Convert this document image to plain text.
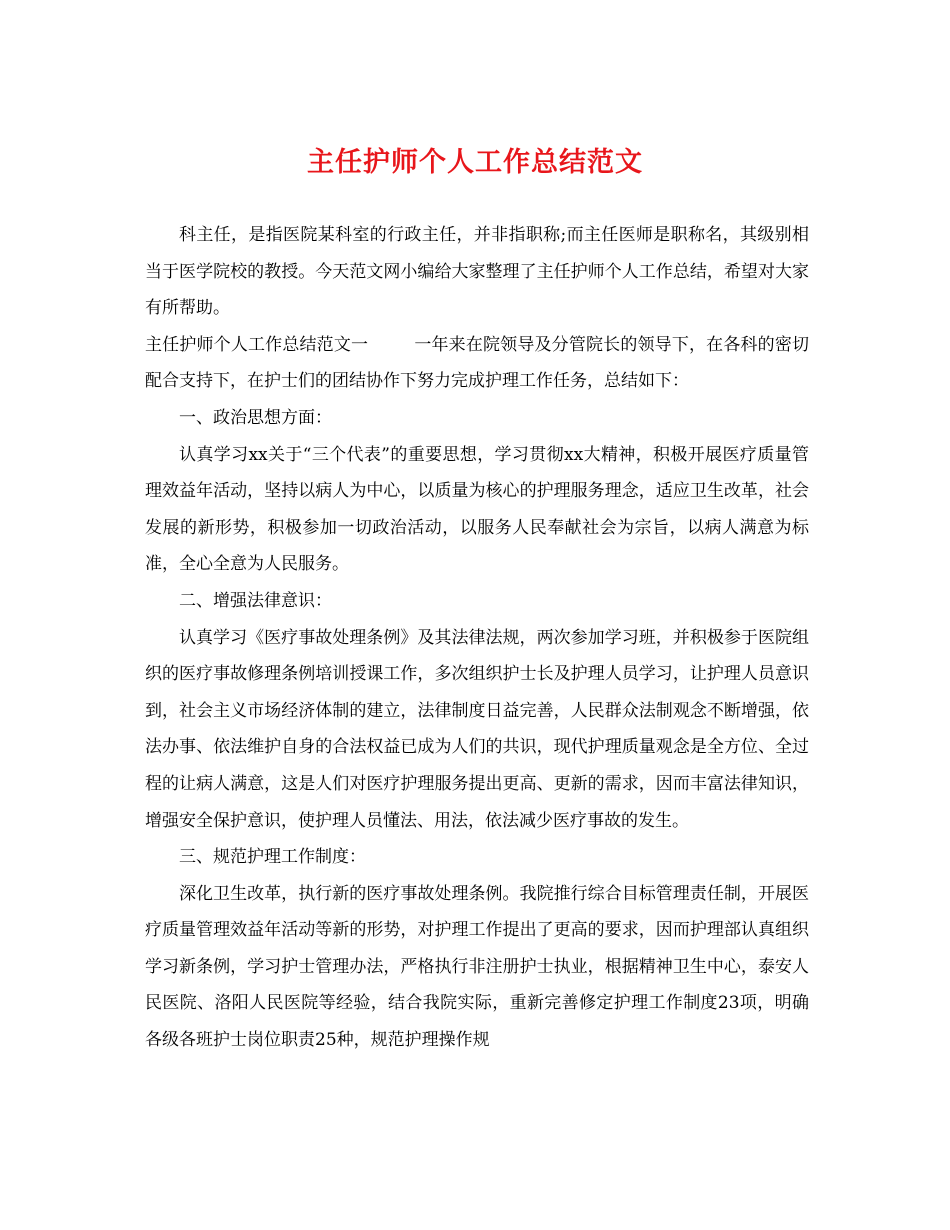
主任护师个人工作总结范文

科主任，是指医院某科室的行政主任，并非指职称;而主任医师是职称名，其级别相当于医学院校的教授。今天范文网小编给大家整理了主任护师个人工作总结，希望对大家有所帮助。

主任护师个人工作总结范文一	一年来在院领导及分管院长的领导下，在各科的密切配合支持下，在护士们的团结协作下努力完成护理工作任务，总结如下：

一、政治思想方面：

认真学习xx关于“三个代表”的重要思想，学习贯彻xx大精神，积极开展医疗质量管理效益年活动，坚持以病人为中心，以质量为核心的护理服务理念，适应卫生改革，社会发展的新形势，积极参加一切政治活动，以服务人民奉献社会为宗旨，以病人满意为标准，全心全意为人民服务。

二、增强法律意识：

认真学习《医疗事故处理条例》及其法律法规，两次参加学习班，并积极参于医院组织的医疗事故修理条例培训授课工作，多次组织护士长及护理人员学习，让护理人员意识到，社会主义市场经济体制的建立，法律制度日益完善，人民群众法制观念不断增强，依法办事、依法维护自身的合法权益已成为人们的共识，现代护理质量观念是全方位、全过程的让病人满意，这是人们对医疗护理服务提出更高、更新的需求，因而丰富法律知识，增强安全保护意识，使护理人员懂法、用法，依法减少医疗事故的发生。

三、规范护理工作制度：

深化卫生改革，执行新的医疗事故处理条例。我院推行综合目标管理责任制，开展医疗质量管理效益年活动等新的形势，对护理工作提出了更高的要求，因而护理部认真组织学习新条例，学习护士管理办法，严格执行非注册护士执业，根据精神卫生中心，泰安人民医院、洛阳人民医院等经验，结合我院实际，重新完善修定护理工作制度23项，明确各级各班护士岗位职责25种，规范护理操作规
